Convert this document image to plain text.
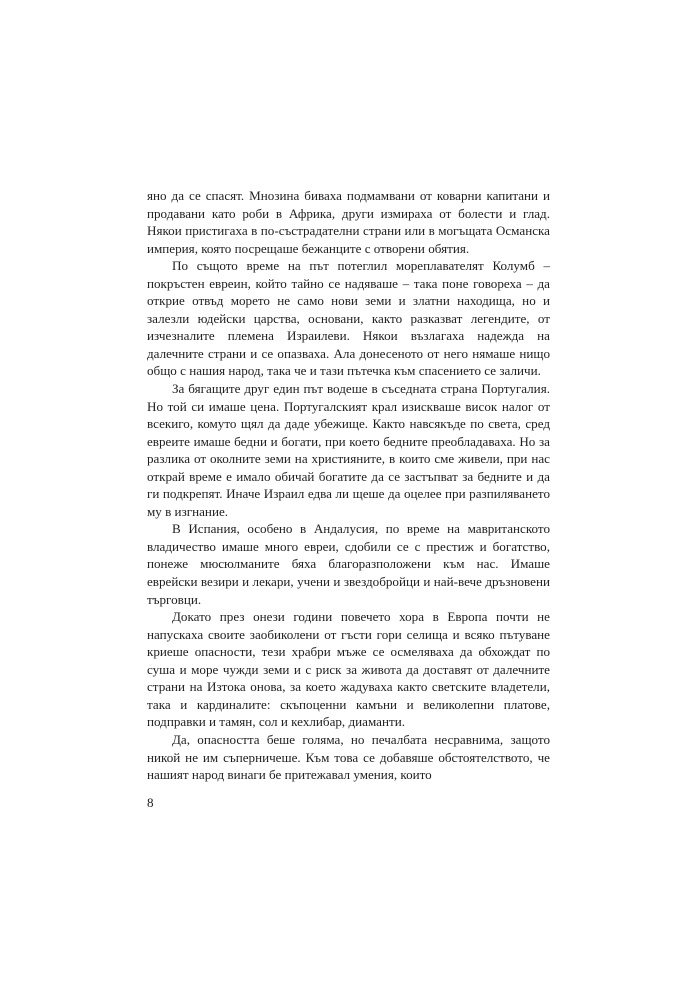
яно да се спасят. Мнозина биваха подмамвани от коварни капитани и продавани като роби в Африка, други измираха от болести и глад. Някои пристигаха в по-състрадателни страни или в могъщата Османска империя, която посрещаше бежанците с отворени обятия.

По същото време на път потеглил мореплавателят Колумб – покръстен евреин, който тайно се надяваше – така поне говореха – да открие отвъд морето не само нови земи и златни находища, но и залезли юдейски царства, основани, както разказват легендите, от изчезналите племена Израилеви. Някои възлагаха надежда на далечните страни и се опазваха. Ала донесеното от него нямаше нищо общо с нашия народ, така че и тази пътечка към спасението се заличи.

За бягащите друг един път водеше в съседната страна Португалия. Но той си имаше цена. Португалският крал изискваше висок налог от всекиго, комуто щял да даде убежище. Както навсякъде по света, сред евреите имаше бедни и богати, при което бедните преобладаваха. Но за разлика от околните земи на християните, в които сме живели, при нас открай време е имало обичай богатите да се застъпват за бедните и да ги подкрепят. Иначе Израил едва ли щеше да оцелее при разпиляването му в изгнание.

В Испания, особено в Андалусия, по време на мавританското владичество имаше много евреи, сдобили се с престиж и богатство, понеже мюсюлманите бяха благоразположени към нас. Имаше еврейски везири и лекари, учени и звездобройци и най-вече дръзновени търговци.

Докато през онези години повечето хора в Европа почти не напускаха своите заобиколени от гъсти гори селища и всяко пътуване криеше опасности, тези храбри мъже се осмеляваха да обхождат по суша и море чужди земи и с риск за живота да доставят от далечните страни на Изтока онова, за което жадуваха както светските владетели, така и кардиналите: скъпоценни камъни и великолепни платове, подправки и тамян, сол и кехлибар, диаманти.

Да, опасността беше голяма, но печалбата несравнима, защото никой не им съперничеше. Към това се добавяше обстоятелството, че нашият народ винаги бе притежавал умения, които

8
